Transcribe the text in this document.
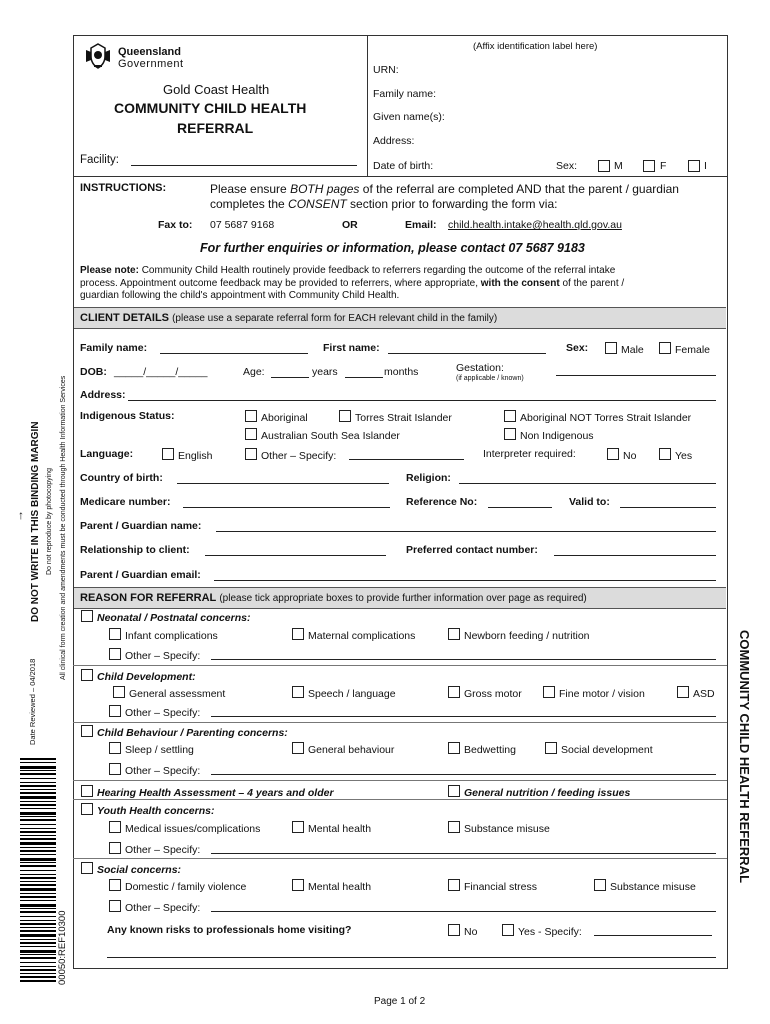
Queensland
Government
Gold Coast Health
COMMUNITY CHILD HEALTH
REFERRAL
Facility:
(Affix identification label here)
URN:
Family name:
Given name(s):
Address:
Date of birth:	Sex:	M	F	I
INSTRUCTIONS:	Please ensure BOTH pages of the referral are completed AND that the parent / guardian
completes the CONSENT section prior to forwarding the form via:
Fax to: 07 5687 9168	OR	Email: child.health.intake@health.qld.gov.au
For further enquiries or information, please contact 07 5687 9183
Please note: Community Child Health routinely provide feedback to referrers regarding the outcome of the referral intake
process. Appointment outcome feedback may be provided to referrers, where appropriate, with the consent of the parent /
guardian following the child's appointment with Community Child Health.
CLIENT DETAILS (please use a separate referral form for EACH relevant child in the family)
Family name:	First name:	Sex:	Male	Female
DOB: _____/_____/_____	Age:	years	months	Gestation:
(if applicable / known)
Address:
Indigenous Status:	Aboriginal	Torres Strait Islander	Aboriginal NOT Torres Strait Islander
Australian South Sea Islander	Non Indigenous
Language:	English	Other – Specify:	Interpreter required:	No	Yes
Country of birth:	Religion:
Medicare number:	Reference No:	Valid to:
Parent / Guardian name:
Relationship to client:	Preferred contact number:
Parent / Guardian email:
REASON FOR REFERRAL (please tick appropriate boxes to provide further information over page as required)
Neonatal / Postnatal concerns:
Infant complications	Maternal complications	Newborn feeding / nutrition
Other – Specify:
Child Development:
General assessment	Speech / language	Gross motor	Fine motor / vision	ASD
Other – Specify:
Child Behaviour / Parenting concerns:
Sleep / settling	General behaviour	Bedwetting	Social development
Other – Specify:
Hearing Health Assessment – 4 years and older	General nutrition / feeding issues
Youth Health concerns:
Medical issues/complications	Mental health	Substance misuse
Other – Specify:
Social concerns:
Domestic / family violence	Mental health	Financial stress	Substance misuse
Other – Specify:
Any known risks to professionals home visiting?	No	Yes - Specify:
DO NOT WRITE IN THIS BINDING MARGIN
↑	Do not reproduce by photocopying All clinical form creation and amendments must be conducted through Health Information Services
Date Reviewed – 04/2018
00050:REF10300
COMMUNITY CHILD HEALTH REFERRAL
Page 1 of 2
